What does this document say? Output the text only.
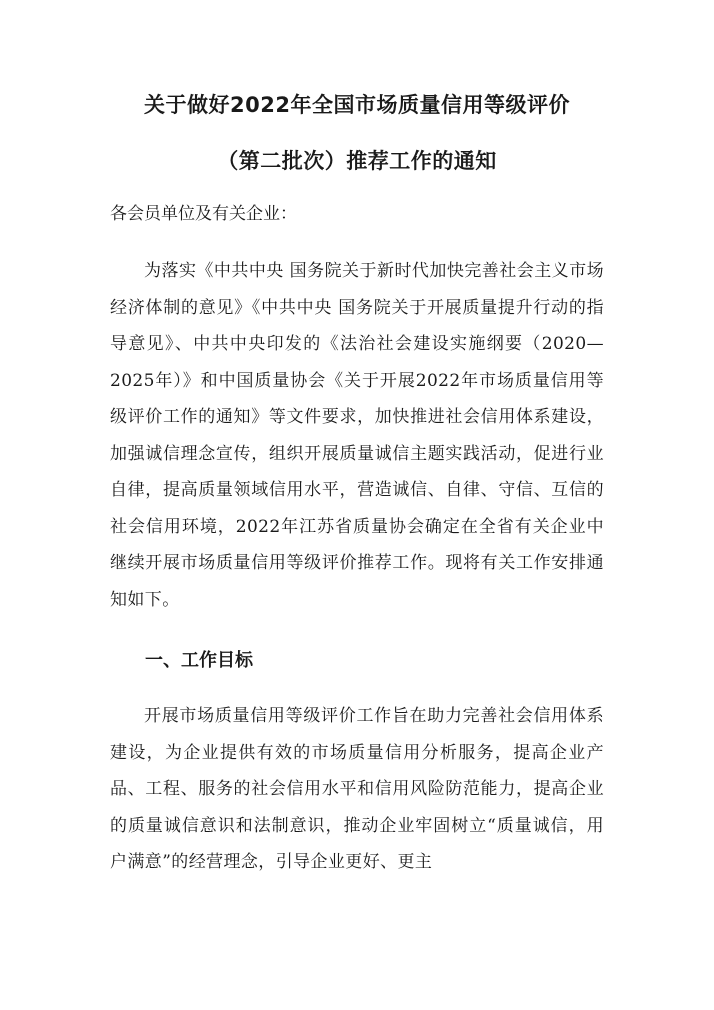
关于做好2022年全国市场质量信用等级评价
（第二批次）推荐工作的通知

各会员单位及有关企业：

为落实《中共中央 国务院关于新时代加快完善社会主义市场经济体制的意见》《中共中央 国务院关于开展质量提升行动的指导意见》、中共中央印发的《法治社会建设实施纲要（2020—2025年）》和中国质量协会《关于开展2022年市场质量信用等级评价工作的通知》等文件要求，加快推进社会信用体系建设，加强诚信理念宣传，组织开展质量诚信主题实践活动，促进行业自律，提高质量领域信用水平，营造诚信、自律、守信、互信的社会信用环境，2022年江苏省质量协会确定在全省有关企业中继续开展市场质量信用等级评价推荐工作。现将有关工作安排通知如下。

一、工作目标

开展市场质量信用等级评价工作旨在助力完善社会信用体系建设，为企业提供有效的市场质量信用分析服务，提高企业产品、工程、服务的社会信用水平和信用风险防范能力，提高企业的质量诚信意识和法制意识，推动企业牢固树立“质量诚信，用户满意”的经营理念，引导企业更好、更主
